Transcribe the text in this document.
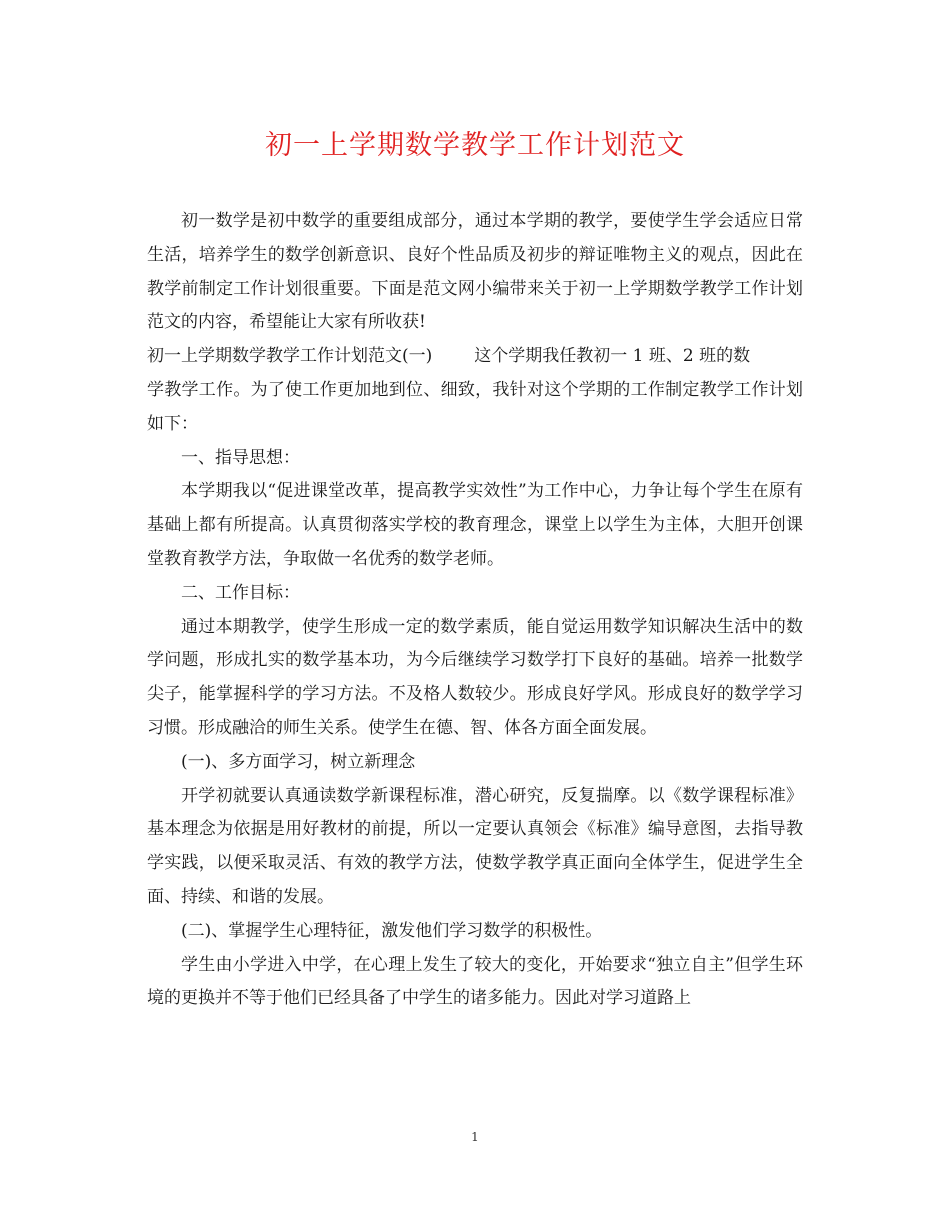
初一上学期数学教学工作计划范文

初一数学是初中数学的重要组成部分，通过本学期的教学，要使学生学会适应日常生活，培养学生的数学创新意识、良好个性品质及初步的辩证唯物主义的观点，因此在教学前制定工作计划很重要。下面是范文网小编带来关于初一上学期数学教学工作计划范文的内容，希望能让大家有所收获!

初一上学期数学教学工作计划范文(一) 这个学期我任教初一 1 班、2 班的数

学教学工作。为了使工作更加地到位、细致，我针对这个学期的工作制定教学工作计划如下：

一、指导思想：

本学期我以“促进课堂改革，提高教学实效性”为工作中心，力争让每个学生在原有基础上都有所提高。认真贯彻落实学校的教育理念，课堂上以学生为主体，大胆开创课堂教育教学方法，争取做一名优秀的数学老师。

二、工作目标：

通过本期教学，使学生形成一定的数学素质，能自觉运用数学知识解决生活中的数学问题，形成扎实的数学基本功，为今后继续学习数学打下良好的基础。培养一批数学尖子，能掌握科学的学习方法。不及格人数较少。形成良好学风。形成良好的数学学习习惯。形成融洽的师生关系。使学生在德、智、体各方面全面发展。

(一)、多方面学习，树立新理念

开学初就要认真通读数学新课程标准，潜心研究，反复揣摩。以《数学课程标准》基本理念为依据是用好教材的前提，所以一定要认真领会《标准》编导意图，去指导教学实践，以便采取灵活、有效的教学方法，使数学教学真正面向全体学生，促进学生全面、持续、和谐的发展。

(二)、掌握学生心理特征，激发他们学习数学的积极性。

学生由小学进入中学，在心理上发生了较大的变化，开始要求“独立自主”但学生环境的更换并不等于他们已经具备了中学生的诸多能力。因此对学习道路上

1
